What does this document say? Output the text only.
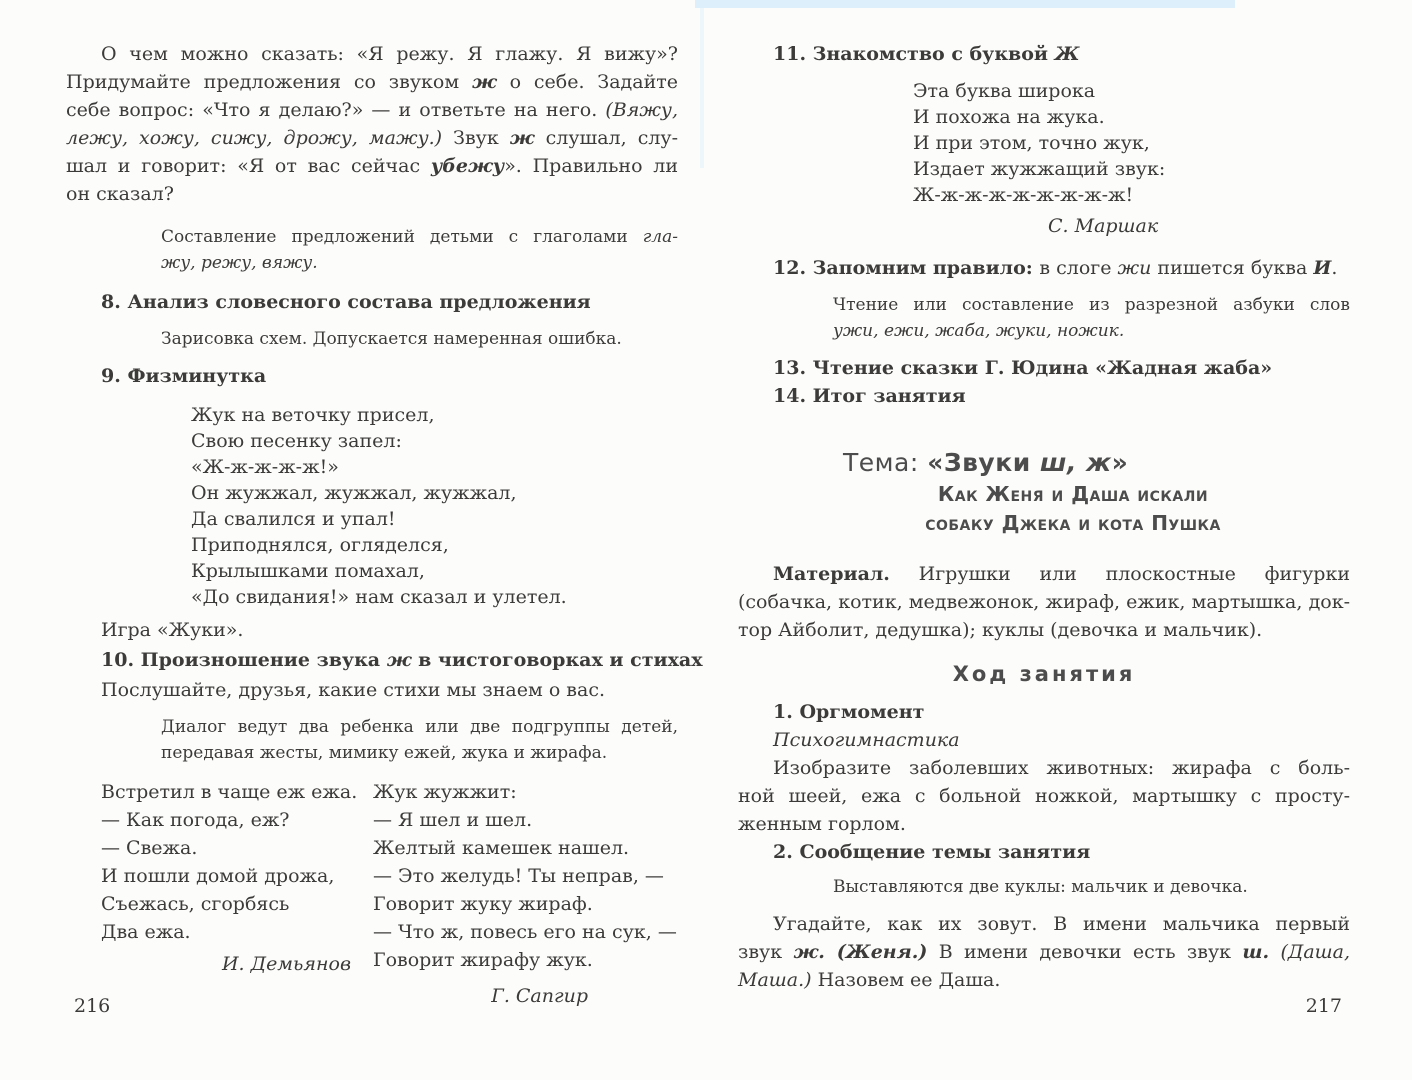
О чем можно сказать: «Я режу. Я глажу. Я вижу»?
Придумайте предложения со звуком ж о себе. Задайте
себе вопрос: «Что я делаю?» — и ответьте на него. (Вяжу,
лежу, хожу, сижу, дрожу, мажу.) Звук ж слушал, слу-
шал и говорит: «Я от вас сейчас убежу». Правильно ли
он сказал?
Составление предложений детьми с глаголами гла-
жу, режу, вяжу.
8. Анализ словесного состава предложения
Зарисовка схем. Допускается намеренная ошибка.
9. Физминутка
Жук на веточку присел,
Свою песенку запел:
«Ж-ж-ж-ж-ж!»
Он жужжал, жужжал, жужжал,
Да свалился и упал!
Приподнялся, огляделся,
Крылышками помахал,
«До свидания!» нам сказал и улетел.
Игра «Жуки».
10. Произношение звука ж в чистоговорках и стихах
Послушайте, друзья, какие стихи мы знаем о вас.
Диалог ведут два ребенка или две подгруппы детей,
передавая жесты, мимику ежей, жука и жирафа.
Встретил в чаще еж ежа.
— Как погода, еж?
— Свежа.
И пошли домой дрожа,
Съежась, сгорбясь
Два ежа.
И. Демьянов
Жук жужжит:
— Я шел и шел.
Желтый камешек нашел.
— Это желудь! Ты неправ, —
Говорит жуку жираф.
— Что ж, повесь его на сук, —
Говорит жирафу жук.
Г. Сапгир
11. Знакомство с буквой Ж
Эта буква широка
И похожа на жука.
И при этом, точно жук,
Издает жужжащий звук:
Ж-ж-ж-ж-ж-ж-ж-ж-ж!
С. Маршак
12. Запомним правило: в слоге жи пишется буква И.
Чтение или составление из разрезной азбуки слов
ужи, ежи, жаба, жуки, ножик.
13. Чтение сказки Г. Юдина «Жадная жаба»
14. Итог занятия
Тема: «Звуки ш, ж»
Как Женя и Даша искали
собаку Джека и кота Пушка
Материал. Игрушки или плоскостные фигурки
(собачка, котик, медвежонок, жираф, ежик, мартышка, док-
тор Айболит, дедушка); куклы (девочка и мальчик).
Ход занятия
1. Оргмомент
Психогимнастика
Изобразите заболевших животных: жирафа с боль-
ной шеей, ежа с больной ножкой, мартышку с просту-
женным горлом.
2. Сообщение темы занятия
Выставляются две куклы: мальчик и девочка.
Угадайте, как их зовут. В имени мальчика первый
звук ж. (Женя.) В имени девочки есть звук ш. (Даша,
Маша.) Назовем ее Даша.
216	217
